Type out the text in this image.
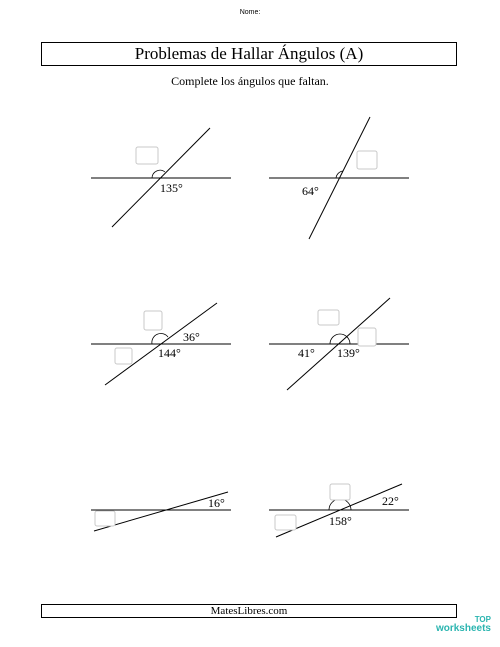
Nome:
Problemas de Hallar Ángulos (A)
Complete los ángulos que faltan.
135°	64°
36°
144°	41° 139°
16°	22°
158°
MatesLibres.com
TOP
worksheets
